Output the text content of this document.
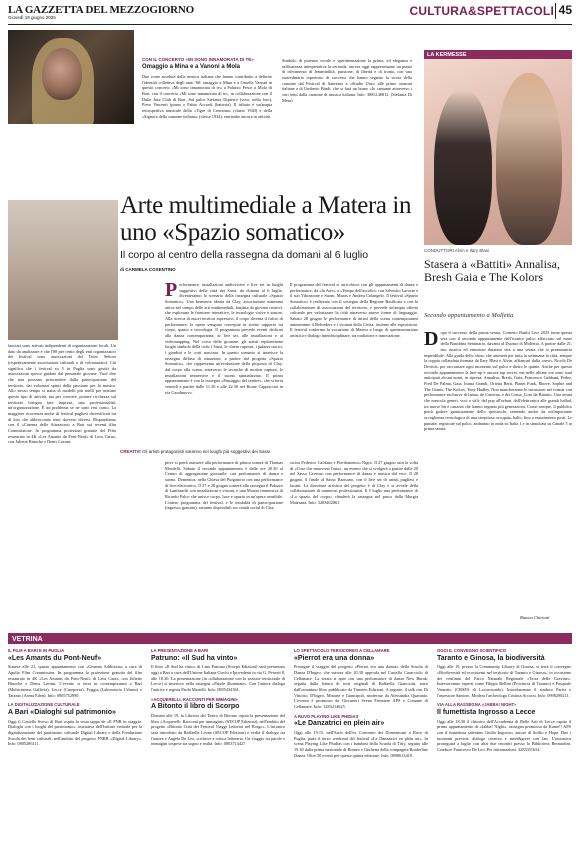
LA GAZZETTA DEL MEZZOGIORNO
Giovedì 19 giugno 2025	CULTURA&SPETTACOLI 45
CON IL CONCERTO «MI SONO INNAMORATA DI TE»
Omaggio a Mina e a Vanoni a Mola
Due icone assolute della musica italiana che hanno contribuito a definire l'identità collettiva degli anni '60: omaggio a Mina e a Ornella Vanoni in questo concerto «Mi sono innamorata di te» a Palazzo Pesce a Mola di Bari, con il concerto «Mi sono innamorata di te», in collaborazione con il Duke Jazz Club di Bari, Sul palco Stefania Dipierro (voce, nella foto), Piero Vincenti (piano e Fabio Accardi (batteria). Il tributo è un'ampia retrospettiva musicale della «Tigre di Cremona» (classe 1940) e della «Signora della canzone italiana» (classe 1934), entrambe ancora in attività.
Simbolo di potenza vocale e sperimentazione la prima, ed eleganza e raffinatezza interpretativa la seconda, ancora oggi rappresentano un punto di riferimento di femminilità, passione, di libertà e di ironia, con uno straordinario repertorio di successi che hanno segnato la storia della canzone dal Festival di Sanremo a «Studio Uno» alle prime canzoni italiane a di Umberto Bindi, che si farà un brano «Io cantante attraverso i vari temi dalla canzone di musica italiana. Info: 3883140812. (Stefania Di Mera)
LA KERMESSE
CONDUTTORI Alvin e Ilary Blasi
Stasera a «Battiti» Annalisa, Bresh Gaia e The Kolors
Secondo appuntamento a Molfetta
Dopo il successo della prima serata, Cornetto Battiti Live 2025 torna questa sera con il secondo appuntamento dall'iconico palco affacciato sul mare della Banchina Seminario, davanti al Duomo di Molfetta. A partire dalle 21, tan, musica ed emozioni daranno vita a una serata che si preannuncia imperdibile. Alla guida dello show, che animerà per tutta la settimana la città, sempre la coppia collaudata formata da Ilary Blasi e Alvin, affiancati dalla «new» Nicolò De Devitiis, per raccontare ogni momento sul palco e dietro le quinte. Anche per questo secondo appuntamento la line-up è ancora top secret, ma nelle ultime ore sono stati anticipati alcuni nomi, in ripresa: Annalisa, Bresh, Gaia, Francesco Gabbani, Fedez, Fred De Palma, Gaia, Irama Grandi, Orietta Berti, Planet Funk, Rhove, Sophie and The Giants, The Kolors, Tony Hadley. Non mancheranno le incursioni nei format con performance esclusive di Ianna, de Caterina, e dei Coma_Cose da Bitonto. Una serata che mescola generi, voci e stili: dal pop all'urban, dall'elettronica alle grandi ballad, tra nuove hit e canzoni che hanno segnato più generazioni. Come sempre, il pubblico potrà godere gratuitamente dello spettacolo, sentendo anche da un'importante accoglienza tecnologica di una strepitosa occupata, ballo, fino a esaurimento posti. Le puntate, registrate sul palco, andranno in onda su Italia 1 e in simulcast su Canale 5 in prima serata.
Bianca Chiriatti
Arte multimediale a Matera in uno «Spazio somatico»
Il corpo al centro della rassegna da domani al 6 luglio
di CARMELA COSENTINO
fanciati sono attivati indipendenti di organizzazioni locali. Un dato da analizzare è che l'88 per cento degli enti organizzatori dei festival sono associazioni del Terzo Settore (rispettivamente associazioni culturali o di volontariato). Ciò significa che i festival su 5 in Puglia sono gestiti da associazioni spesso guidate dal personale giovane. Vuol dire che non possono prescindere dalla partecipazione del territorio, dai volontari spinti dalla passione per la musica. Allo stesso tempo si tratta di modelli più snelli per iniziare questo tipo di attività, ma per crescere, portare ricchezza sul territorio bisogna fare impresa, una professionalità, un'organizzazione. È un problema se ne sono resi conto. La maggiore ricorrenza anche di festival pugliesi diversificati tra di loro che abbracciano temi davvero diversi. Rispondiamo con il «Cinema delle Attrazioni» a Bari sui recenti film Commissione. In programma proiezioni gratuite del Film restaurato in 4K «Les Amants du Pont-Neuf» di Leos Carax, con Juliette Binoche e Denis Lavant.
Performance, installazioni audiovisive e live set in luoghi suggestivi della città dei Sassi: da domani al 6 luglio, diventeranno lo scenario della rassegna culturale «Spazio Somatico». Una kermesse ideata da Clay, associazione materana attiva nel campo delle arti multimediali, fondata da giovani creativi, che esplorano le frontiere interattive, le tecnologie visive e sonore. Alla ricerca di nuovi territori espressivi, il corpo diventa il fulcro di performance: le opere vengono concepite in stretto rapporto tra corpo, spazio e tecnologia. Il programma prevede eventi dedicati alla danza contemporanea, ai live set, alle installazioni e al videomapping. Nel corso delle giornate, gli artisti esploreranno luoghi simbolo della città: i Sassi, le chiese rupestri, i palazzi storici, i giardini e le corti nascoste. In questo scenario si inserisce la rassegna diffusa di situazioni, a partire dal progetto «Spazio Somatico», che rappresenta un'evoluzione della proposta di Clay: dal corpo alla scena, attraverso le tecniche di motion capture, le installazioni immersive e il suono spazializzato. Il primo appuntamento è con la rassegna «Passaggio del sentire», che si terrà venerdì a partire dalle 11.30 e alle 22.30 nel Rione Cappuccini in via Casalnuovo.
Il programma del festival si arricchisce con gli appuntamenti di danza e performance, da «In Arte» a «Tempo dell'ascolto» con Silvestro Lacorte e il suo Vibrazione e Suoni, Muras e Andrea Colangelo. Il festival «Spazio Somatico» è realizzato con il sostegno della Regione Basilicata e con la collaborazione di associazioni del territorio, e prevede un'ampia offerta culturale per valorizzare la città attraverso nuove forme di linguaggio. Sabato 28 giugno le performance di artisti della scena contemporanea animeranno il Belvedere e i vicinati della Civita, insieme alle esposizioni. Il festival conferma la vocazione di Matera a luogo di sperimentazione artistica e dialogo interdisciplinare, tra tradizione e innovazione.
CREATIVI Gli artisti protagonisti saranno nei luoghi più suggestivi dei Sassi
ptive si potrà assistere alla performance di pittura sonora di Thomas Mordelli. Sabato il secondo appuntamento è dalle ore 20.30 al Centro di aggregazione giovanile, con performance di danza e suono. Domenica, nella Chiesa del Purgatorio con una performance di live-electronics. Il 27 e 28 giugno tornerà alla rassegna il Palazzo di Lanfranchi con installazioni e visioni, e una Mostra immersiva di Ricardo Falco che unisce corpo, luce e spazio in un'opera sensibile. L'intero programma del festival, e le modalità di partecipazione (ingresso gratuito), saranno disponibili sui canali social di Clay.
sicisti Federico Califano e Pierdomenico Nigro. Il 27 giugno sarà la volta di «Cose che muovono l'aria», un evento che si svolgerà a partire dalle 20 nel Sasso Caveoso con performance di danza e musica dal vivo. Il 28 giugno, il finale al Sasso Barisano, con il live set di artisti pugliesi e lucani. La direzione artistica del progetto è di Clay e si avvale della collaborazione di numerosi professionisti. Il 5 luglio una performance di «Lo spazio del corpo» chiuderà la rassegna nel parco della Murgia Materana. Info: 3283402861.
VETRINA
IL FILM A BARI E IN PUGLIA
«Les Amants du Pont-Neuf»
Stasera alle 21, quarto appuntamento con «Cinema Addiction» a cura di Apulia Film Commission. In programma la proiezione gratuita del film restaurato in 4K «Les Amants du Pont-Neuf» di Leos Carax, con Juliette Binoche e Denis Lavant. L'evento si terrà in contemporanea a Bari (Multicinema Galleria), Lecce (Cineporto), Foggia (Laboratorio Urbano) e Taranto (Arena Eden). Info: 0805752990.
LA DIGITALIZZAZIONE CULTURALE
A Bari «Dialoghi sul patrimonio»
Oggi il Castello Svevo di Bari ospita la sesta tappa de «Il PNB in viaggio. Dialoghi con i luoghi del patrimonio», iniziativa dell'Istituto centrale per la digitalizzazione del patrimonio culturale Digital Library e della Fondazione Scuola dei beni culturali, nell'ambito del progetto PNRR «Digital Library». Info: 0805286111.
LA PRESENTAZIONE A BARI
Patruno: «Il Sud ha vinto»
Il libro «Il Sud ha vinto» di Lino Patruno (Scorpo Edizioni) sarà presentato oggi a Bari a cura dell'Unione Italiana Ciechi e Ipovedenti in via G. Petroni 8, alle 18.30. La presentazione (in collaborazione con la sezione territoriale di Lecce) si inserisce nella rassegna «Parole illuminate». Con l'autore dialoga l'autrice e regista Paola Martelli. Info: 0805434361.
«ACQUERELLI, RACCONTI PER IMMAGINI»
A Bitonto il libro di Scorpo
Domani alle 19, la Libreria del Teatro di Bitonto ospita la presentazione del libro «Acquerelli. Racconti per immagini» (SECOP Edizioni), nell'ambito del progetto «Bitonto Città dei Festival Viaggi Letterari nel Borgo». L'incontro sarà introdotto da Raffaella Leone (SECOP Edizioni) e vedrà il dialogo tra l'autore e Angela De Leo, scrittrice e critica letteraria. Un viaggio tra parole e immagini sospese tra sogno e realtà. Info: 0803714427.
LO SPETTACOLO TERSICOREO A CELLAMARE
«Pierrot era una donna»
Prosegue il viaggio del progetto «Pierrot era una donna» della Scuola di Danza D'Ingeo, che stasera alle 20.30 approda nel Castello Caracciolo di Cellamare. La serata si apre con una performance di danza New Burak, seguita dalla lettura di testi originali di Raffaella Gianciotti, tratti dall'omonimo libro pubblicato da Timeteo Edizioni. A seguire, il talk con Di Vittorio, D'Ingeo, Minarte e Giancipoli, moderato da Alessandra Quaranta. L'evento è promosso da Giocaneri Scena Frontiere APS e Comune di Cellamare. Info: 3283214625.
A RUVO PLAYING LIKE PHIDIAS
«Le Danzatrici en plein air»
Oggi alle 19.15, nell'Atrio dell'ex Convento dei Domenicani a Ruvo di Puglia, parte il terzo weekend del festival «Le Danzatrici en plein air». In scena Playing Like Phidias con i bambini della Scuola di Titty, seguito alle 19.30 dalla prima nazionale di Romeo e Giulietta della compagnia Borderline Danza. Oltre 50 eventi per questa quinta edizione. Info: 0808613419.
OGGI IL CONVEGNO SCIENTIFICO
Taranto e Ginosa, la biodiversità
Oggi alle 19, presso la Community Library di Ginosa, si terrà il convegno «Biodiversità ed ecosistemi nel territorio di Taranto e Ginosa», in occasione dei vent'anni del Parco Naturale Regionale «Terra delle Gravine». Interverranno esperti come Filippo Bellini (Provincia di Taranto) e Pasquale Venerito (CRSFA di Locorotondo). Introdurranno il sindaco Parisi e l'assessore Santoro. Modera l'archeologa Cristina Accorsi. Info: 0998290211.
VIA ALLA RASSEGNA «JABBA! NIGHT»
Il fumettista Ingrosso a Lecce
Oggi alle 18.30 il chiostro dell'Accademia di Belle Arti di Lecce ospita il primo appuntamento di «Jabba! Night», rassegna promossa da Kame!! APS con il fumettista salentino Giulio Ingrosso, autore di Soffio e Hope. Due i momenti previsti: dialogo creativo e meet&greet con fan. L'iniziativa proseguirà a luglio con altri due incontri presso la Biblioteca Bernardini. Conduce Francesco De Leo. Per informazioni: 3283351654.
